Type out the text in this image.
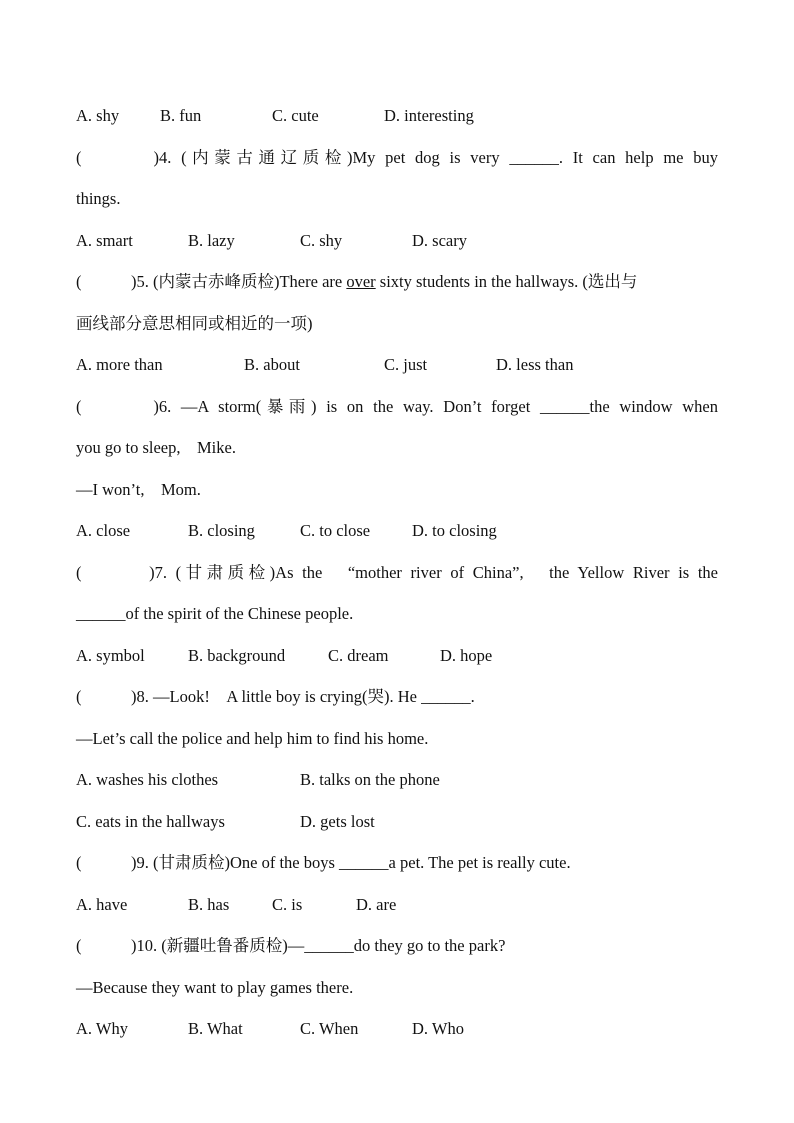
A. shy B. fun	C. cute	D. interesting
(　　　)4. (内蒙古通辽质检)My pet dog is very ______. It can help me buy
things.
A. smart	B. lazy	C. shy	D. scary
(　　　)5. (内蒙古赤峰质检)There are over sixty students in the hallways. (选出与
画线部分意思相同或相近的一项)
A. more than	B. about	C. just	D. less than
(　　　)6. —A storm(暴雨) is on the way. Don’t forget ______the window when
you go to sleep,　Mike.
—I won’t,　Mom.
A. close	B. closing	C. to close	D. to closing
(　　　)7. (甘肃质检)As the　“mother river of China”,　the Yellow River is the
______of the spirit of the Chinese people.
A. symbol	B. background	C. dream	D. hope
(　　　)8. —Look!　A little boy is crying(哭). He ______.
—Let’s call the police and help him to find his home.
A. washes his clothes	B. talks on the phone
C. eats in the hallways	D. gets lost
(　　　)9. (甘肃质检)One of the boys ______a pet. The pet is really cute.
A. have	B. has	C. is	D. are
(　　　)10. (新疆吐鲁番质检)—______do they go to the park?
—Because they want to play games there.
A. Why	B. What	C. When	D. Who
